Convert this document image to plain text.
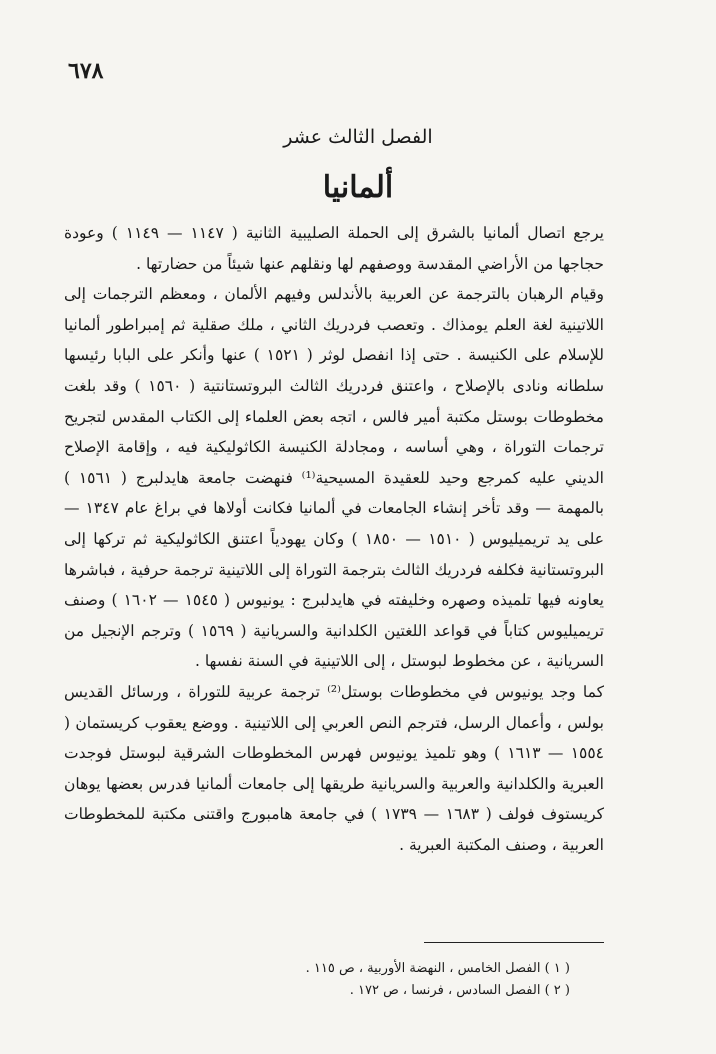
٦٧٨
الفصل الثالث عشر
ألمانيا

يرجع اتصال ألمانيا بالشرق إلى الحملة الصليبية الثانية ( ١١٤٧ — ١١٤٩ ) وعودة حجاجها من الأراضي المقدسة ووصفهم لها ونقلهم عنها شيئاً من حضارتها .

وقيام الرهبان بالترجمة عن العربية بالأندلس وفيهم الألمان ، ومعظم الترجمات إلى اللاتينية لغة العلم يومذاك . وتعصب فردريك الثاني ، ملك صقلية ثم إمبراطور ألمانيا للإسلام على الكنيسة . حتى إذا انفصل لوثر ( ١٥٢١ ) عنها وأنكر على البابا رئيسها سلطانه ونادى بالإصلاح ، واعتنق فردريك الثالث البروتستانتية ( ١٥٦٠ ) وقد بلغت مخطوطات بوستل مكتبة أمير فالس ، اتجه بعض العلماء إلى الكتاب المقدس لتجريح ترجمات التوراة ، وهي أساسه ، ومجادلة الكنيسة الكاثوليكية فيه ، وإقامة الإصلاح الديني عليه كمرجع وحيد للعقيدة المسيحية⁽¹⁾ فنهضت جامعة هايدلبرج ( ١٥٦١ ) بالمهمة — وقد تأخر إنشاء الجامعات في ألمانيا فكانت أولاها في براغ عام ١٣٤٧ — على يد تريميليوس ( ١٥١٠ — ١٨٥٠ ) وكان يهودياً اعتنق الكاثوليكية ثم تركها إلى البروتستانية فكلفه فردريك الثالث بترجمة التوراة إلى اللاتينية ترجمة حرفية ، فباشرها يعاونه فيها تلميذه وصهره وخليفته في هايدلبرج : يونيوس ( ١٥٤٥ — ١٦٠٢ ) وصنف تريميليوس كتاباً في قواعد اللغتين الكلدانية والسريانية ( ١٥٦٩ ) وترجم الإنجيل من السريانية ، عن مخطوط لبوستل ، إلى اللاتينية في السنة نفسها .

كما وجد يونيوس في مخطوطات بوستل⁽²⁾ ترجمة عربية للتوراة ، ورسائل القديس بولس ، وأعمال الرسل، فترجم النص العربي إلى اللاتينية . ووضع يعقوب كريستمان ( ١٥٥٤ — ١٦١٣ ) وهو تلميذ يونيوس فهرس المخطوطات الشرقية لبوستل فوجدت العبرية والكلدانية والعربية والسريانية طريقها إلى جامعات ألمانيا فدرس بعضها يوهان كريستوف فولف ( ١٦٨٣ — ١٧٣٩ ) في جامعة هامبورج واقتنى مكتبة للمخطوطات العربية ، وصنف المكتبة العبرية .

( ١ ) الفصل الخامس ، النهضة الأوربية ، ص ١١٥ .
( ٢ ) الفصل السادس ، فرنسا ، ص ١٧٢ .
